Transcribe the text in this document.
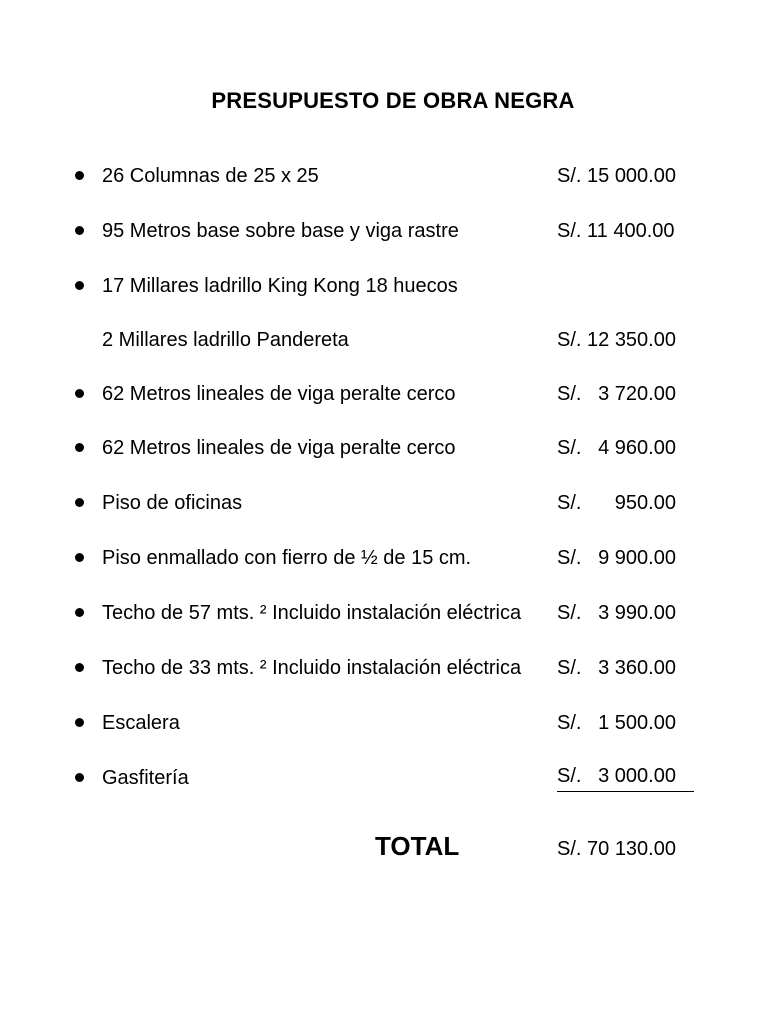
PRESUPUESTO DE OBRA NEGRA
26 Columnas de 25 x 25	S/. 15 000.00
95 Metros base sobre base y viga rastre	S/. 11 400.00
17 Millares ladrillo King Kong 18 huecos
2 Millares ladrillo Pandereta	S/. 12 350.00
62 Metros lineales de viga peralte cerco	S/.   3 720.00
62 Metros lineales de viga peralte cerco	S/.   4 960.00
Piso de oficinas	S/.      950.00
Piso enmallado con fierro de ½ de 15 cm.	S/.   9 900.00
Techo de 57 mts. ² Incluido instalación eléctrica S/.   3 990.00
Techo de 33 mts. ² Incluido instalación eléctrica S/.   3 360.00
Escalera	S/.   1 500.00
Gasfitería	S/.   3 000.00
TOTAL	S/. 70 130.00
